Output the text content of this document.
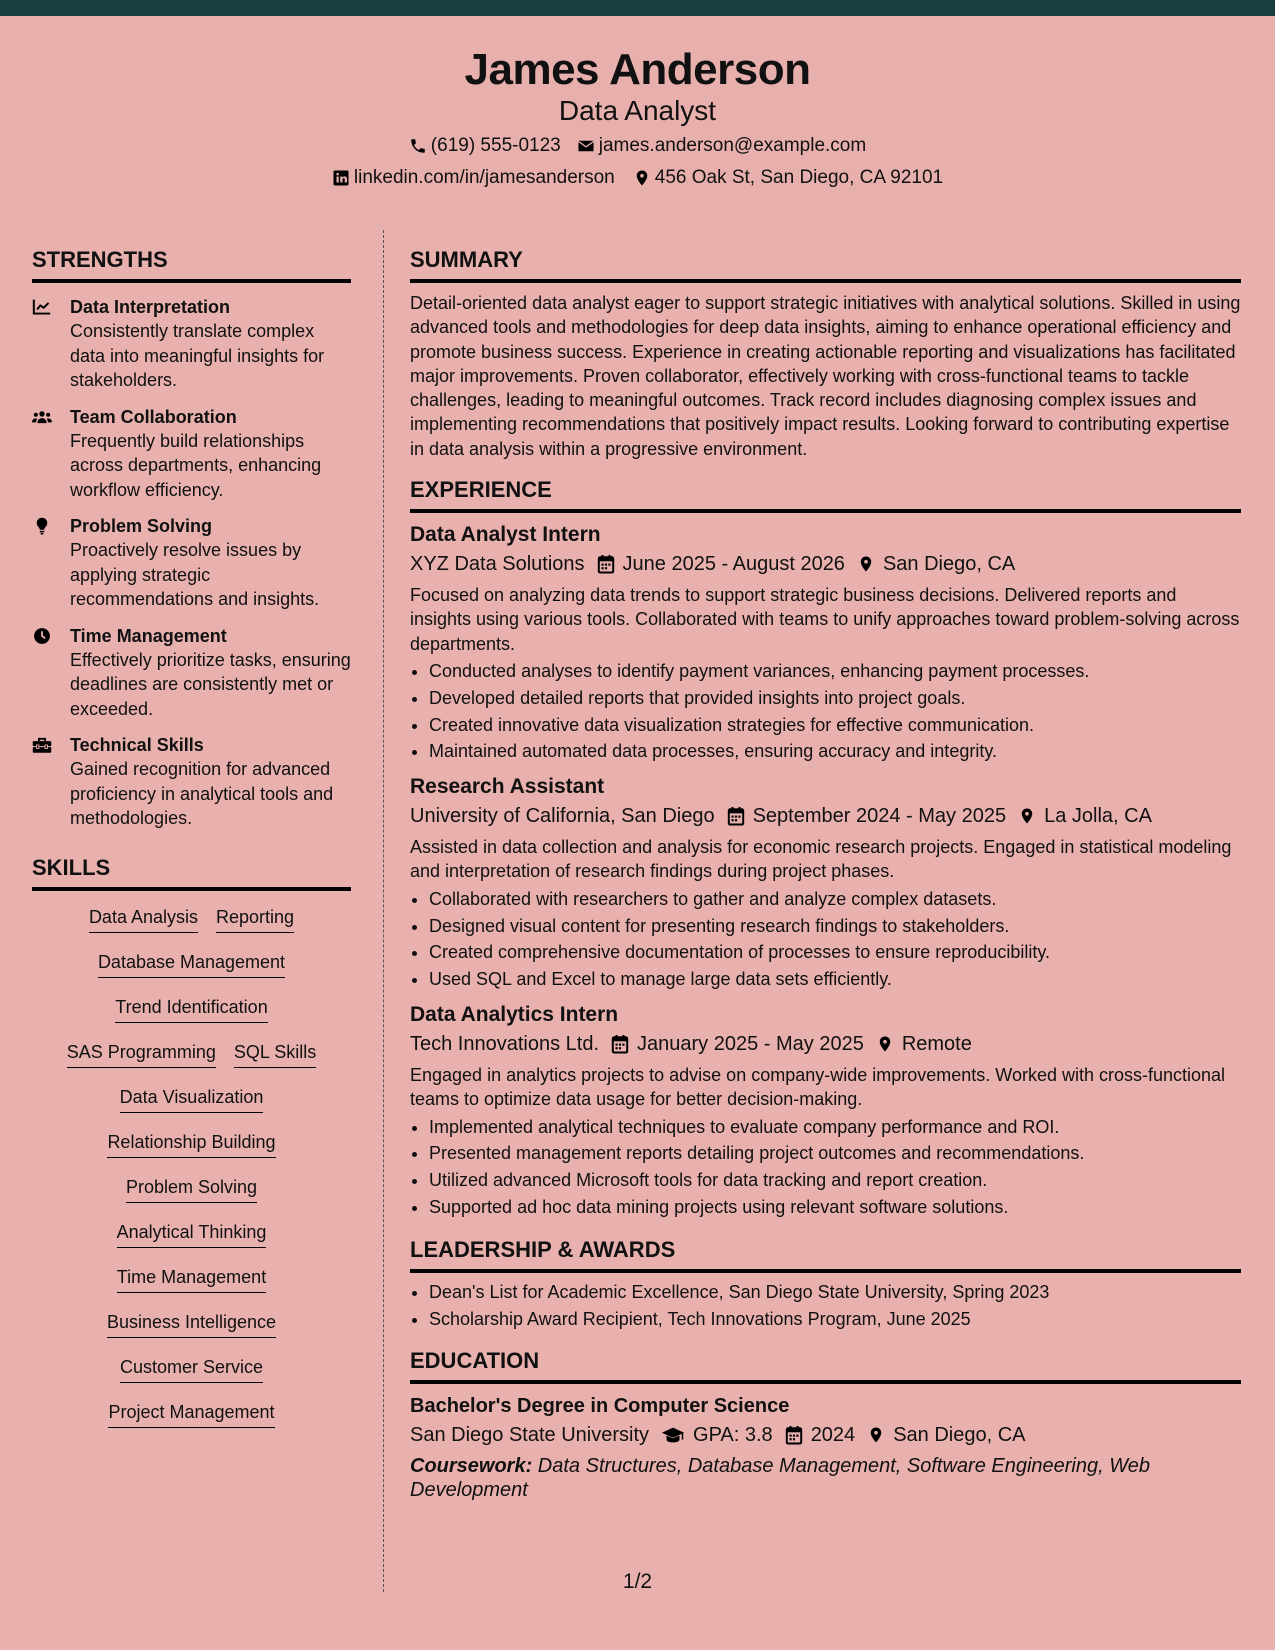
James Anderson
Data Analyst
(619) 555-0123 james.anderson@example.com
linkedin.com/in/jamesanderson 456 Oak St, San Diego, CA 92101
STRENGTHS
Data Interpretation
Consistently translate complex data into meaningful insights for stakeholders.
Team Collaboration
Frequently build relationships across departments, enhancing workflow efficiency.
Problem Solving
Proactively resolve issues by applying strategic recommendations and insights.
Time Management
Effectively prioritize tasks, ensuring deadlines are consistently met or exceeded.
Technical Skills
Gained recognition for advanced proficiency in analytical tools and methodologies.
SKILLS
Data Analysis Reporting
Database Management
Trend Identification
SAS Programming SQL Skills
Data Visualization
Relationship Building
Problem Solving
Analytical Thinking
Time Management
Business Intelligence
Customer Service
Project Management
SUMMARY
Detail-oriented data analyst eager to support strategic initiatives with analytical solutions. Skilled in using advanced tools and methodologies for deep data insights, aiming to enhance operational efficiency and promote business success. Experience in creating actionable reporting and visualizations has facilitated major improvements. Proven collaborator, effectively working with cross-functional teams to tackle challenges, leading to meaningful outcomes. Track record includes diagnosing complex issues and implementing recommendations that positively impact results. Looking forward to contributing expertise in data analysis within a progressive environment.
EXPERIENCE
Data Analyst Intern
XYZ Data Solutions June 2025 - August 2026 San Diego, CA
Focused on analyzing data trends to support strategic business decisions. Delivered reports and insights using various tools. Collaborated with teams to unify approaches toward problem-solving across departments.
• Conducted analyses to identify payment variances, enhancing payment processes.
• Developed detailed reports that provided insights into project goals.
• Created innovative data visualization strategies for effective communication.
• Maintained automated data processes, ensuring accuracy and integrity.
Research Assistant
University of California, San Diego September 2024 - May 2025 La Jolla, CA
Assisted in data collection and analysis for economic research projects. Engaged in statistical modeling and interpretation of research findings during project phases.
• Collaborated with researchers to gather and analyze complex datasets.
• Designed visual content for presenting research findings to stakeholders.
• Created comprehensive documentation of processes to ensure reproducibility.
• Used SQL and Excel to manage large data sets efficiently.
Data Analytics Intern
Tech Innovations Ltd. January 2025 - May 2025 Remote
Engaged in analytics projects to advise on company-wide improvements. Worked with cross-functional teams to optimize data usage for better decision-making.
• Implemented analytical techniques to evaluate company performance and ROI.
• Presented management reports detailing project outcomes and recommendations.
• Utilized advanced Microsoft tools for data tracking and report creation.
• Supported ad hoc data mining projects using relevant software solutions.
LEADERSHIP & AWARDS
• Dean's List for Academic Excellence, San Diego State University, Spring 2023
• Scholarship Award Recipient, Tech Innovations Program, June 2025
EDUCATION
Bachelor's Degree in Computer Science
San Diego State University GPA: 3.8 2024 San Diego, CA
Coursework: Data Structures, Database Management, Software Engineering, Web Development
1/2
